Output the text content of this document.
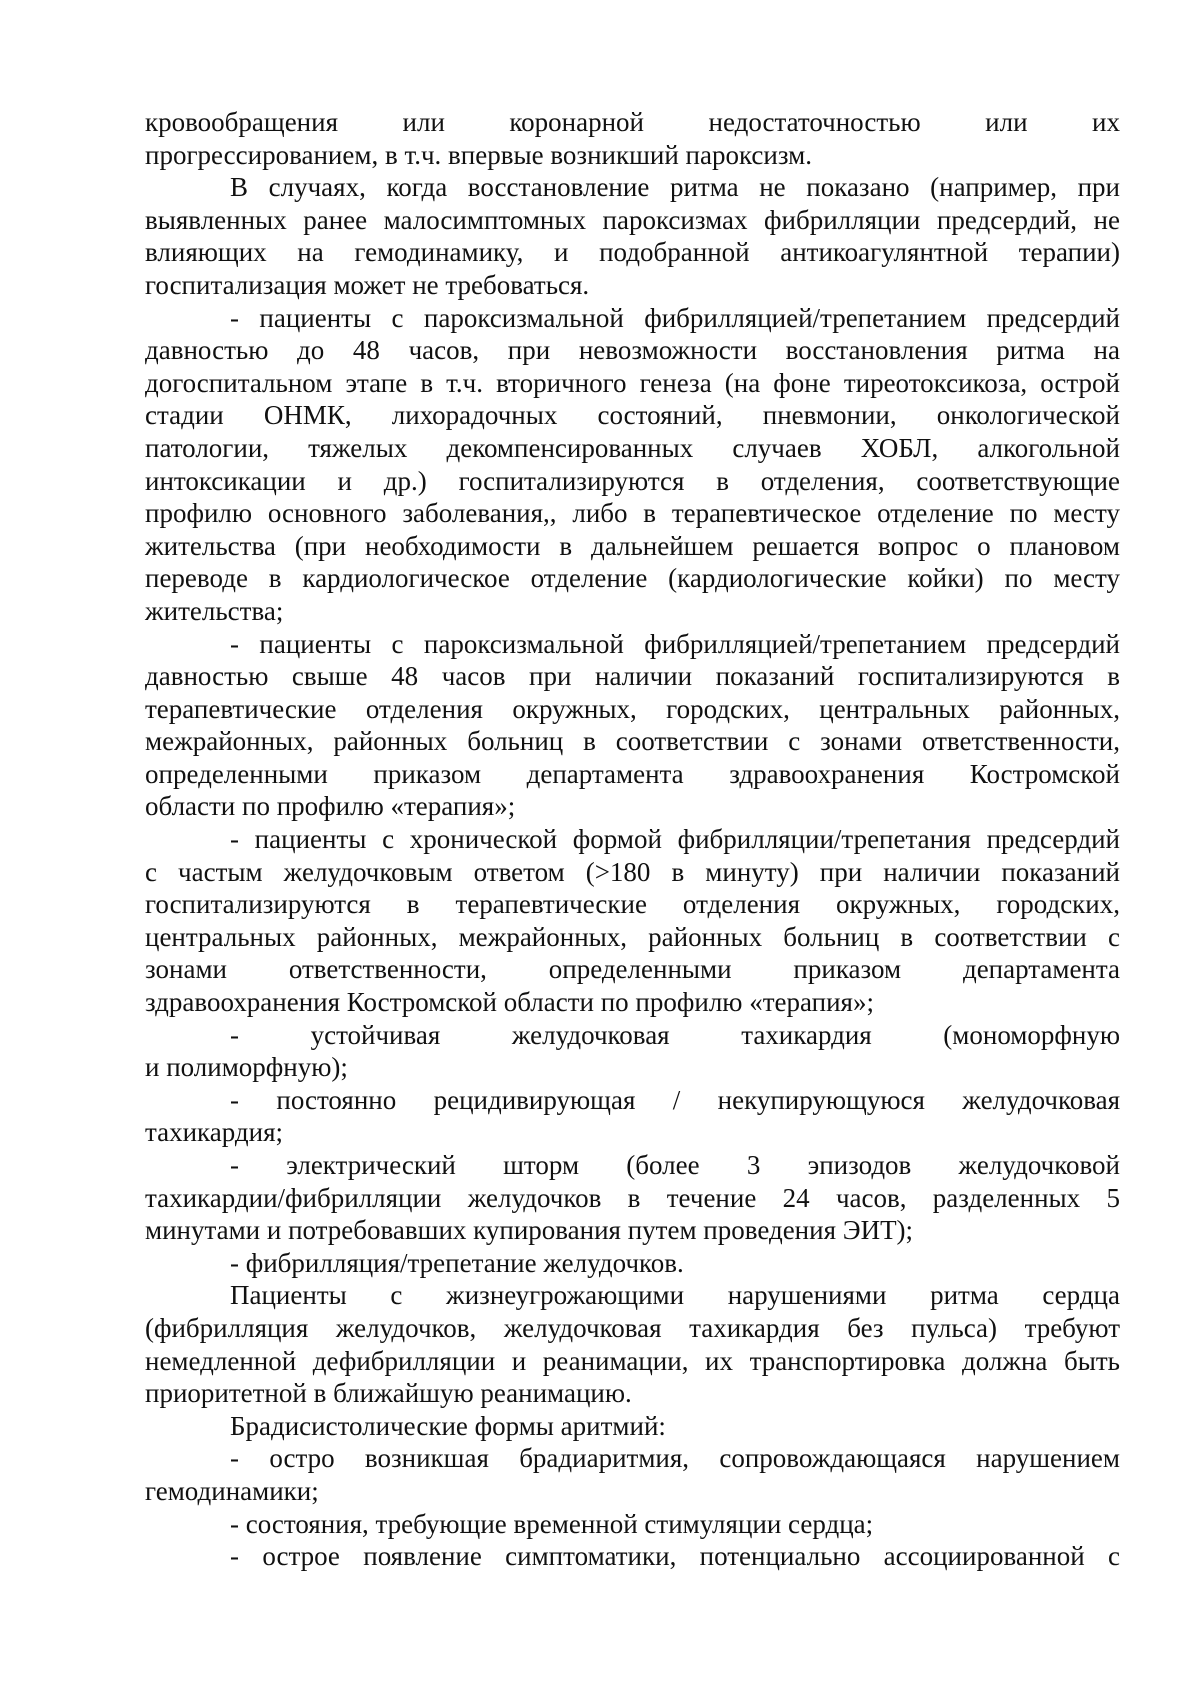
кровообращения или коронарной недостаточностью или их
прогрессированием, в т.ч. впервые возникший пароксизм.
В случаях, когда восстановление ритма не показано (например, при
выявленных ранее малосимптомных пароксизмах фибрилляции предсердий, не
влияющих на гемодинамику, и подобранной антикоагулянтной терапии)
госпитализация может не требоваться.
- пациенты с пароксизмальной фибрилляцией/трепетанием предсердий
давностью до 48 часов, при невозможности восстановления ритма на
догоспитальном этапе в т.ч. вторичного генеза (на фоне тиреотоксикоза, острой
стадии ОНМК, лихорадочных состояний, пневмонии, онкологической
патологии, тяжелых декомпенсированных случаев ХОБЛ, алкогольной
интоксикации и др.) госпитализируются в отделения, соответствующие
профилю основного заболевания,, либо в терапевтическое отделение по месту
жительства (при необходимости в дальнейшем решается вопрос о плановом
переводе в кардиологическое отделение (кардиологические койки) по месту
жительства;
- пациенты с пароксизмальной фибрилляцией/трепетанием предсердий
давностью свыше 48 часов при наличии показаний госпитализируются в
терапевтические отделения окружных, городских, центральных районных,
межрайонных, районных больниц в соответствии с зонами ответственности,
определенными приказом департамента здравоохранения Костромской
области по профилю «терапия»;
- пациенты с хронической формой фибрилляции/трепетания предсердий
с частым желудочковым ответом (>180 в минуту) при наличии показаний
госпитализируются в терапевтические отделения окружных, городских,
центральных районных, межрайонных, районных больниц в соответствии с
зонами ответственности, определенными приказом департамента
здравоохранения Костромской области по профилю «терапия»;
- устойчивая желудочковая тахикардия (мономорфную
и полиморфную);
- постоянно рецидивирующая / некупирующуюся желудочковая
тахикардия;
- электрический шторм (более 3 эпизодов желудочковой
тахикардии/фибрилляции желудочков в течение 24 часов, разделенных 5
минутами и потребовавших купирования путем проведения ЭИТ);
- фибрилляция/трепетание желудочков.
Пациенты с жизнеугрожающими нарушениями ритма сердца
(фибрилляция желудочков, желудочковая тахикардия без пульса) требуют
немедленной дефибрилляции и реанимации, их транспортировка должна быть
приоритетной в ближайшую реанимацию.
Брадисистолические формы аритмий:
- остро возникшая брадиаритмия, сопровождающаяся нарушением
гемодинамики;
- состояния, требующие временной стимуляции сердца;
- острое появление симптоматики, потенциально ассоциированной с
